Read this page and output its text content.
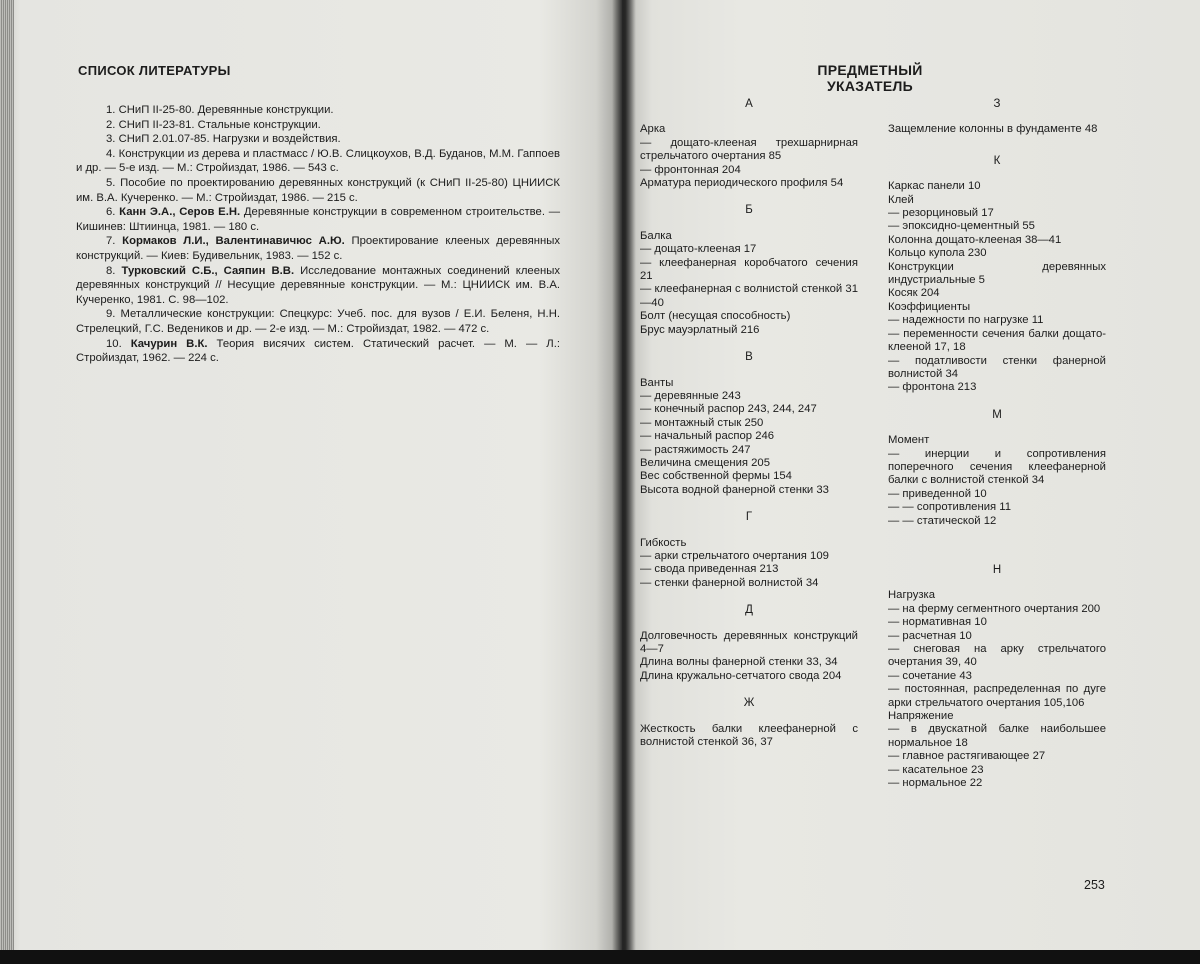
СПИСОК ЛИТЕРАТУРЫ

1. СНиП II-25-80. Деревянные конструкции.

2. СНиП II-23-81. Стальные конструкции.

3. СНиП 2.01.07-85. Нагрузки и воздействия.

4. Конструкции из дерева и пластмасс / Ю.В. Слицкоухов, В.Д. Буданов, М.М. Гаппоев и др. — 5-е изд. — М.: Стройиздат, 1986. — 543 с.

5. Пособие по проектированию деревянных конструкций (к СНиП II-25-80) ЦНИИСК им. В.А. Кучеренко. — М.: Стройиздат, 1986. — 215 с.

6. Канн Э.А., Серов Е.Н. Деревянные конструкции в современном строительстве. — Кишинев: Штиинца, 1981. — 180 с.

7. Кормаков Л.И., Валентинавичюс А.Ю. Проектирование клееных деревянных конструкций. — Киев: Будивельник, 1983. — 152 с.

8. Турковский С.Б., Саяпин В.В. Исследование монтажных соединений клееных деревянных конструкций // Несущие деревянные конструкции. — М.: ЦНИИСК им. В.А. Кучеренко, 1981. С. 98—102.

9. Металлические конструкции: Спецкурс: Учеб. пос. для вузов / Е.И. Беленя, Н.Н. Стрелецкий, Г.С. Ведеников и др. — 2-е изд. — М.: Стройиздат, 1982. — 472 с.

10. Качурин В.К. Теория висячих систем. Статический расчет. — М. — Л.: Стройиздат, 1962. — 224 с.

ПРЕДМЕТНЫЙ
УКАЗАТЕЛЬ

А

Арка

— дощато-клееная трехшарнирная стрельчатого очертания 85

— фронтонная 204

Арматура периодического профиля 54

Б

Балка

— дощато-клееная 17

— клеефанерная коробчатого сечения 21

— клеефанерная с волнистой стенкой 31—40

Болт (несущая способность)

Брус мауэрлатный 216

В

Ванты

— деревянные 243

— конечный распор 243, 244, 247

— монтажный стык 250

— начальный распор 246

— растяжимость 247

Величина смещения 205

Вес собственной фермы 154

Высота водной фанерной стенки 33

Г

Гибкость

— арки стрельчатого очертания 109

— свода приведенная 213

— стенки фанерной волнистой 34

Д

Долговечность деревянных конструкций 4—7

Длина волны фанерной стенки 33, 34

Длина кружально-сетчатого свода 204

Ж

Жесткость балки клеефанерной с волнистой стенкой 36, 37

З

Защемление колонны в фундаменте 48

К

Каркас панели 10

Клей

— резорциновый 17

— эпоксидно-цементный 55

Колонна дощато-клееная 38—41

Кольцо купола 230

Конструкции деревянных индустриальные 5

Косяк 204

Коэффициенты

— надежности по нагрузке 11

— переменности сечения балки дощато-клееной 17, 18

— податливости стенки фанерной волнистой 34

— фронтона 213

М

Момент

— инерции и сопротивления поперечного сечения клеефанерной балки с волнистой стенкой 34

— приведенной 10

— — сопротивления 11

— — статической 12

Н

Нагрузка

— на ферму сегментного очертания 200

— нормативная 10

— расчетная 10

— снеговая на арку стрельчатого очертания 39, 40

— сочетание 43

— постоянная, распределенная по дуге арки стрельчатого очертания 105,106

Напряжение

— в двускатной балке наибольшее нормальное 18

— главное растягивающее 27

— касательное 23

— нормальное 22

253
